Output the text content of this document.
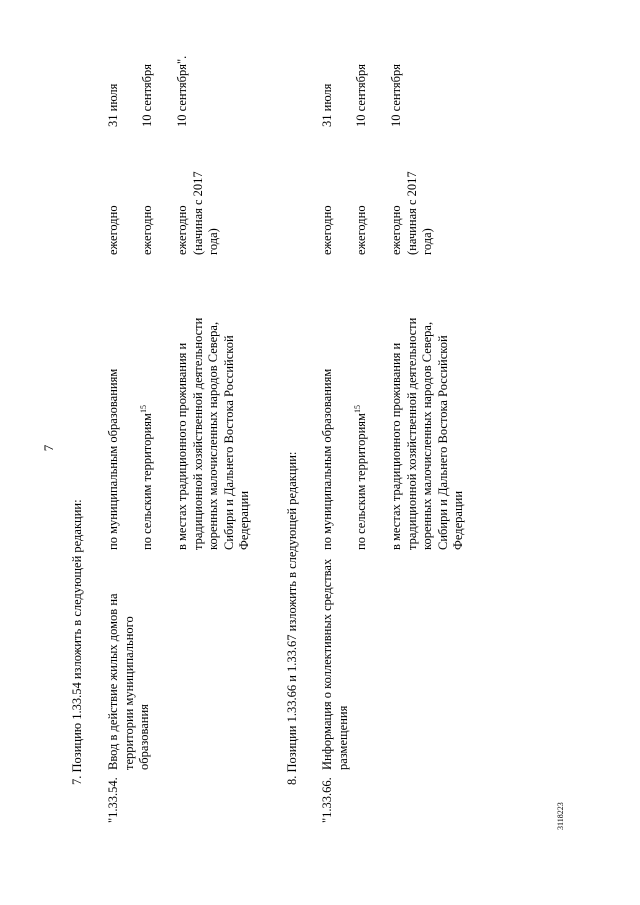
7
3118223
7. Позицию 1.33.54 изложить в следующей редакции:
"1.33.54.
Ввод в действие жилых домов на территории муниципального образования
по муниципальным образованиям по сельским территориям$^{15}$	в местах традиционного проживания и традиционной хозяйственной деятельности коренных малочисленных народов Севера, Сибири и Дальнего Востока Российской Федерации
ежегодно ежегодно ежегодно (начиная с 2017 года)
31 июля 10 сентября 10 сентября".
8. Позиции 1.33.66 и 1.33.67 изложить в следующей редакции:
"1.33.66.
Информация о коллективных средствах размещения
по муниципальным образованиям по сельским территориям$^{15}$	в местах традиционного проживания и традиционной хозяйственной деятельности коренных малочисленных народов Севера, Сибири и Дальнего Востока Российской Федерации
ежегодно ежегодно ежегодно (начиная с 2017 года)
31 июля 10 сентября 10 сентября
